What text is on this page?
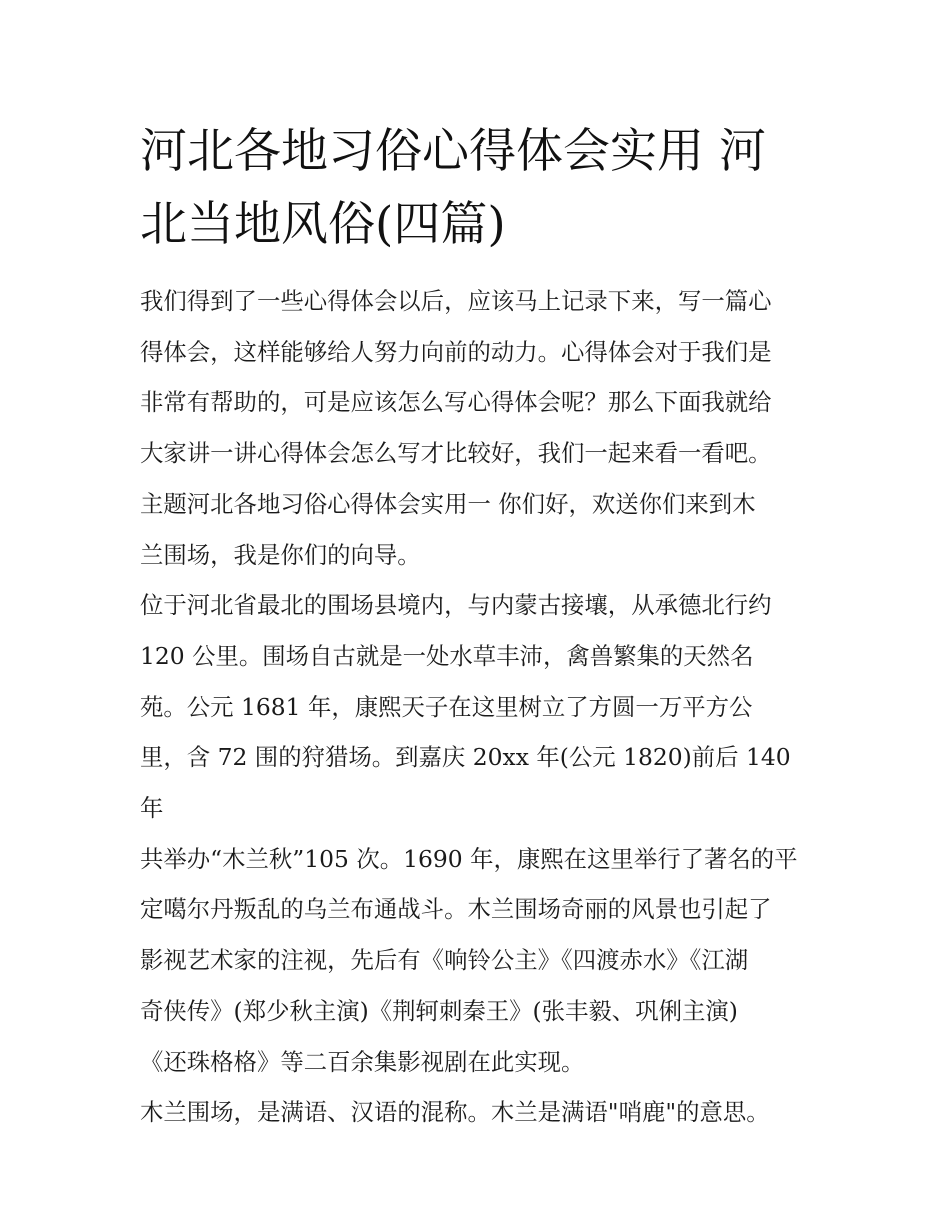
河北各地习俗心得体会实用 河
北当地风俗(四篇)
我们得到了一些心得体会以后，应该马上记录下来，写一篇心
得体会，这样能够给人努力向前的动力。心得体会对于我们是
非常有帮助的，可是应该怎么写心得体会呢？那么下面我就给
大家讲一讲心得体会怎么写才比较好，我们一起来看一看吧。
主题河北各地习俗心得体会实用一 你们好，欢送你们来到木
兰围场，我是你们的向导。
位于河北省最北的围场县境内，与内蒙古接壤，从承德北行约
120 公里。围场自古就是一处水草丰沛，禽兽繁集的天然名
苑。公元 1681 年，康熙天子在这里树立了方圆一万平方公
里，含 72 围的狩猎场。到嘉庆 20xx 年(公元 1820)前后 140 年
共举办“木兰秋”105 次。1690 年，康熙在这里举行了著名的平
定噶尔丹叛乱的乌兰布通战斗。木兰围场奇丽的风景也引起了
影视艺术家的注视，先后有《响铃公主》《四渡赤水》《江湖
奇侠传》(郑少秋主演)《荆轲刺秦王》(张丰毅、巩俐主演)
《还珠格格》等二百余集影视剧在此实现。
木兰围场，是满语、汉语的混称。木兰是满语"哨鹿"的意思。
